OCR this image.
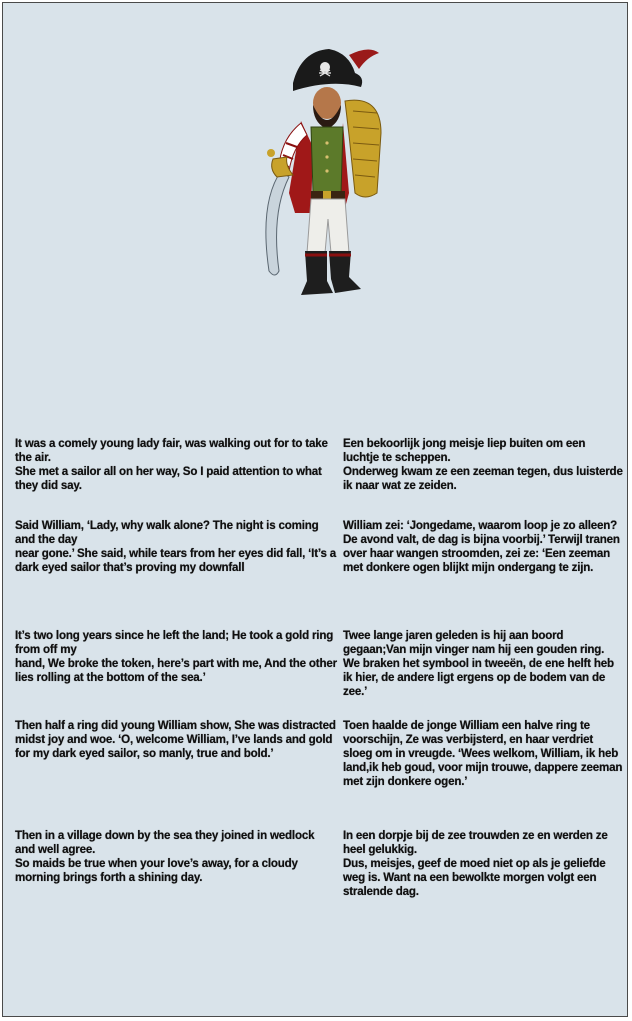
It was a comely young lady fair, was walking out for to take the air.
She met a sailor all on her way, So I paid attention to what they did say.

Een bekoorlijk jong meisje liep buiten om een luchtje te scheppen.
Onderweg kwam ze een zeeman tegen, dus luisterde ik naar wat ze zeiden.

Said William, ‘Lady, why walk alone? The night is coming and the day
near gone.’ She said, while tears from her eyes did fall, ‘It’s a dark eyed sailor that’s proving my downfall

William zei: ‘Jongedame, waarom loop je zo alleen? De avond valt, de dag is bijna voorbij.’ Terwijl tranen over haar wangen stroomden, zei ze: ‘Een zeeman met donkere ogen blijkt mijn ondergang te zijn.

It’s two long years since he left the land; He took a gold ring from off my
hand, We broke the token, here’s part with me, And the other lies rolling at the bottom of the sea.’

Twee lange jaren geleden is hij aan boord gegaan;Van mijn vinger nam hij een gouden ring. We braken het symbool in tweeën, de ene helft heb ik hier, de andere ligt ergens op de bodem van de zee.’

Then half a ring did young William show, She was distracted midst joy and woe. ‘O, welcome William, I’ve lands and gold for my dark eyed sailor, so manly, true and bold.’

Toen haalde de jonge William een halve ring te voorschijn, Ze was verbijsterd, en haar verdriet sloeg om in vreugde. ‘Wees welkom, William, ik heb land,ik heb goud, voor mijn trouwe, dappere zeeman met zijn donkere ogen.’

Then in a village down by the sea they joined in wedlock and well agree.
So maids be true when your love’s away, for a cloudy morning brings forth a shining day.

In een dorpje bij de zee trouwden ze en werden ze heel gelukkig.
Dus, meisjes, geef de moed niet op als je geliefde weg is. Want na een bewolkte morgen volgt een stralende dag.
